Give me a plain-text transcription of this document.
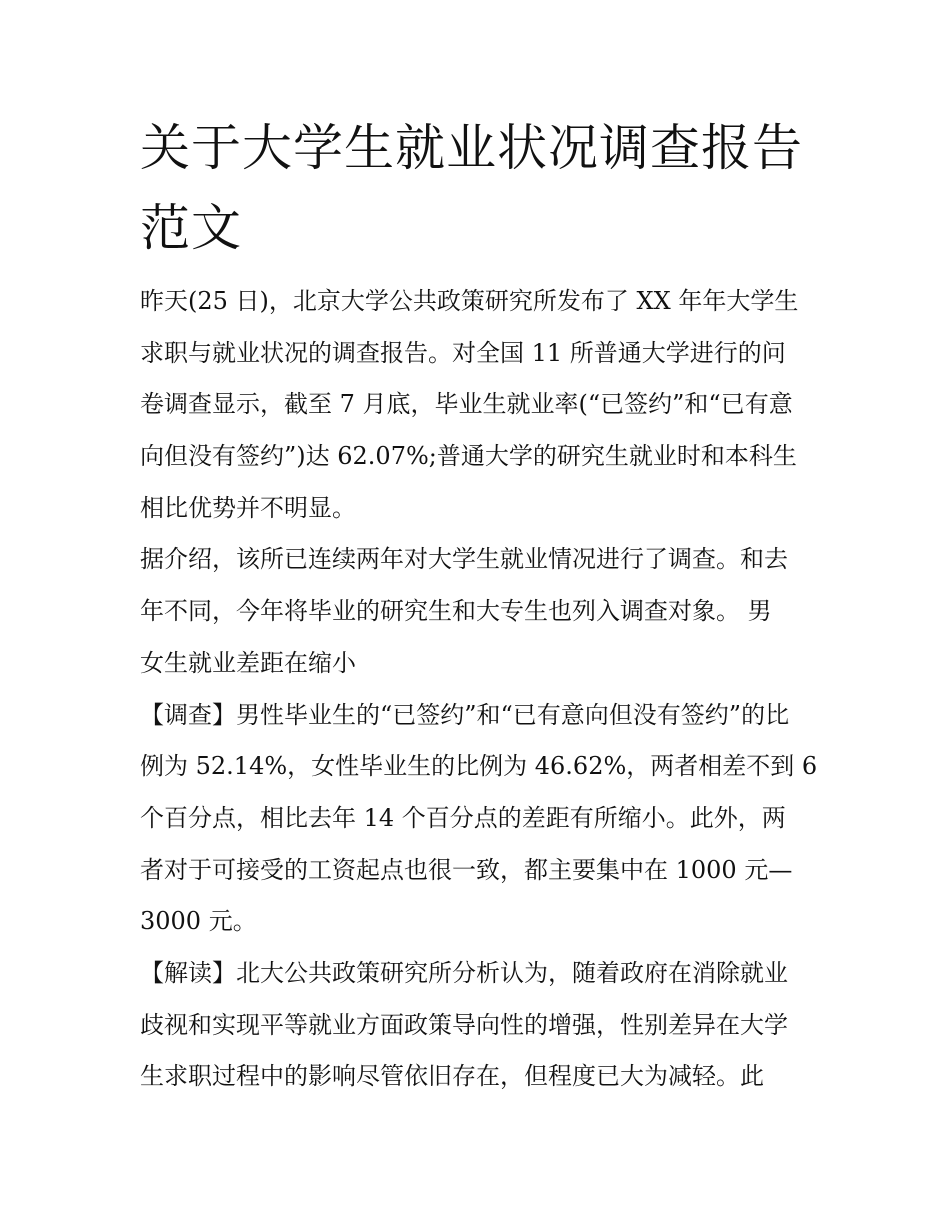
关于大学生就业状况调查报告
范文

昨天(25 日)，北京大学公共政策研究所发布了 XX 年年大学生

求职与就业状况的调查报告。对全国 11 所普通大学进行的问

卷调查显示，截至 7 月底，毕业生就业率(“已签约”和“已有意

向但没有签约”)达 62.07%;普通大学的研究生就业时和本科生

相比优势并不明显。

据介绍，该所已连续两年对大学生就业情况进行了调查。和去

年不同，今年将毕业的研究生和大专生也列入调查对象。 男

女生就业差距在缩小

【调查】男性毕业生的“已签约”和“已有意向但没有签约”的比

例为 52.14%，女性毕业生的比例为 46.62%，两者相差不到 6

个百分点，相比去年 14 个百分点的差距有所缩小。此外，两

者对于可接受的工资起点也很一致，都主要集中在 1000 元—

3000 元。

【解读】北大公共政策研究所分析认为，随着政府在消除就业

歧视和实现平等就业方面政策导向性的增强，性别差异在大学

生求职过程中的影响尽管依旧存在，但程度已大为减轻。此
